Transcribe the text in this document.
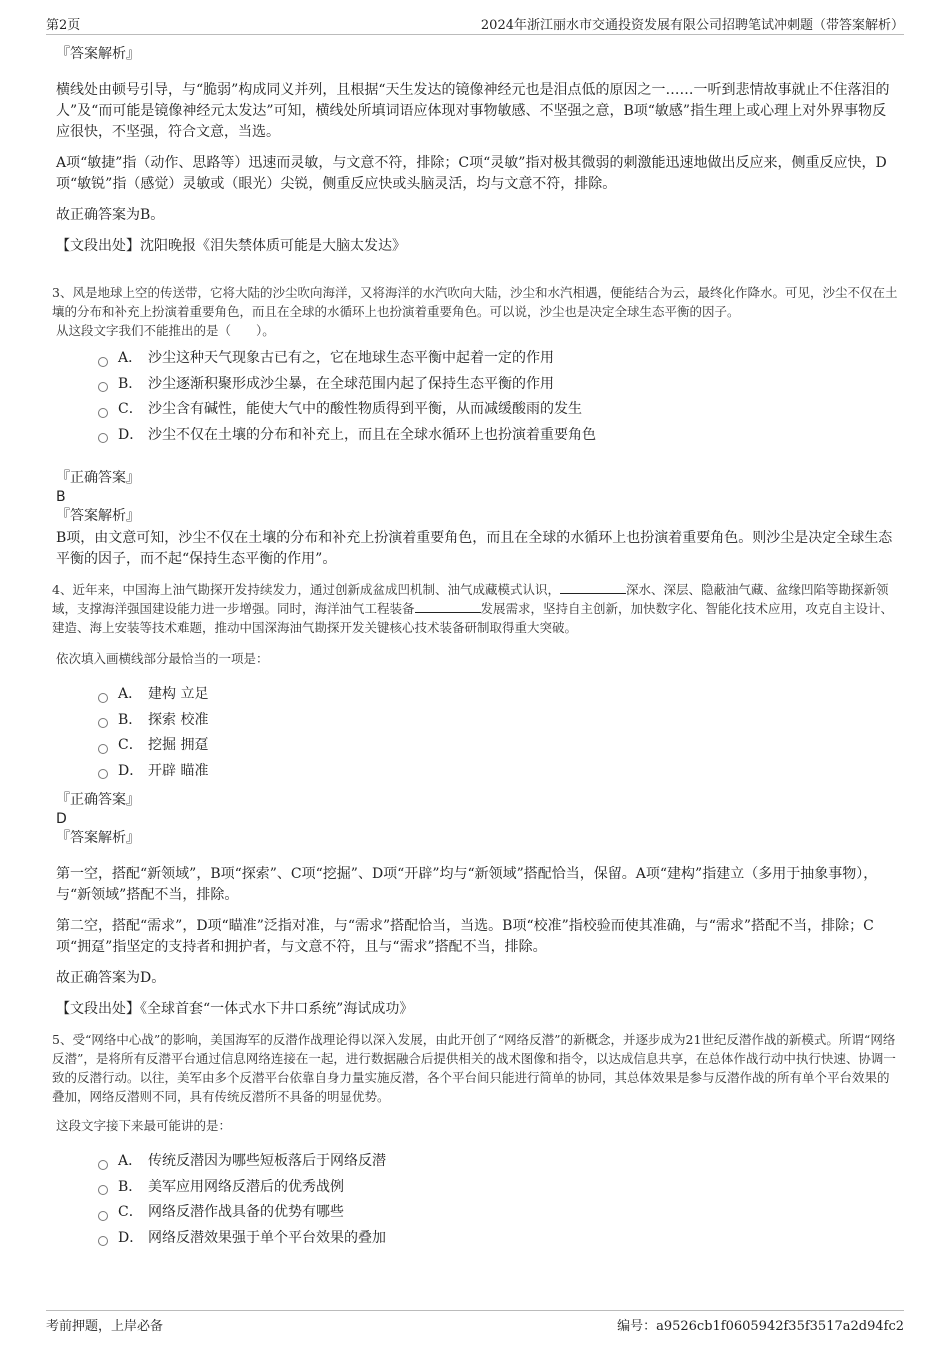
第2页	2024年浙江丽水市交通投资发展有限公司招聘笔试冲刺题（带答案解析）
『答案解析』

横线处由顿号引导，与“脆弱”构成同义并列，且根据“天生发达的镜像神经元也是泪点低的原因之一……一听到悲情故事就止不住落泪的人”及“而可能是镜像神经元太发达”可知，横线处所填词语应体现对事物敏感、不坚强之意，B项“敏感”指生理上或心理上对外界事物反应很快，不坚强，符合文意，当选。

A项“敏捷”指（动作、思路等）迅速而灵敏，与文意不符，排除；C项“灵敏”指对极其微弱的刺激能迅速地做出反应来，侧重反应快，D项“敏锐”指（感觉）灵敏或（眼光）尖锐，侧重反应快或头脑灵活，均与文意不符，排除。

故正确答案为B。

【文段出处】沈阳晚报《泪失禁体质可能是大脑太发达》

3、风是地球上空的传送带，它将大陆的沙尘吹向海洋，又将海洋的水汽吹向大陆，沙尘和水汽相遇，便能结合为云，最终化作降水。可见，沙尘不仅在土壤的分布和补充上扮演着重要角色，而且在全球的水循环上也扮演着重要角色。可以说，沙尘也是决定全球生态平衡的因子。

从这段文字我们不能推出的是（　　）。

A． 沙尘这种天气现象古已有之，它在地球生态平衡中起着一定的作用
B． 沙尘逐渐积聚形成沙尘暴，在全球范围内起了保持生态平衡的作用
C． 沙尘含有碱性，能使大气中的酸性物质得到平衡，从而减缓酸雨的发生
D． 沙尘不仅在土壤的分布和补充上，而且在全球水循环上也扮演着重要角色
『正确答案』
B
『答案解析』

B项，由文意可知，沙尘不仅在土壤的分布和补充上扮演着重要角色，而且在全球的水循环上也扮演着重要角色。则沙尘是决定全球生态平衡的因子，而不起“保持生态平衡的作用”。

4、近年来，中国海上油气勘探开发持续发力，通过创新成盆成凹机制、油气成藏模式认识，	深水、深层、隐蔽油气藏、盆缘凹陷等勘探新领域，支撑海洋强国建设能力进一步增强。同时，海洋油气工程装备	发展需求，坚持自主创新，加快数字化、智能化技术应用，攻克自主设计、建造、海上安装等技术难题，推动中国深海油气勘探开发关键核心技术装备研制取得重大突破。

依次填入画横线部分最恰当的一项是：

A． 建构 立足
B． 探索 校准
C． 挖掘 拥趸
D． 开辟 瞄准
『正确答案』
D
『答案解析』

第一空，搭配“新领域”，B项“探索”、C项“挖掘”、D项“开辟”均与“新领域”搭配恰当，保留。A项“建构”指建立（多用于抽象事物），与“新领域”搭配不当，排除。

第二空，搭配“需求”，D项“瞄准”泛指对准，与“需求”搭配恰当，当选。B项“校准”指校验而使其准确，与“需求”搭配不当，排除；C项“拥趸”指坚定的支持者和拥护者，与文意不符，且与“需求”搭配不当，排除。

故正确答案为D。

【文段出处】《全球首套“一体式水下井口系统”海试成功》

5、受“网络中心战”的影响，美国海军的反潜作战理论得以深入发展，由此开创了“网络反潜”的新概念，并逐步成为21世纪反潜作战的新模式。所谓“网络反潜”，是将所有反潜平台通过信息网络连接在一起，进行数据融合后提供相关的战术图像和指令，以达成信息共享，在总体作战行动中执行快速、协调一致的反潜行动。以往，美军由多个反潜平台依靠自身力量实施反潜，各个平台间只能进行简单的协同，其总体效果是参与反潜作战的所有单个平台效果的叠加，网络反潜则不同，具有传统反潜所不具备的明显优势。

这段文字接下来最可能讲的是：

A． 传统反潜因为哪些短板落后于网络反潜
B． 美军应用网络反潜后的优秀战例
C． 网络反潜作战具备的优势有哪些
D． 网络反潜效果强于单个平台效果的叠加
考前押题，上岸必备	编号：a9526cb1f0605942f35f3517a2d94fc2
